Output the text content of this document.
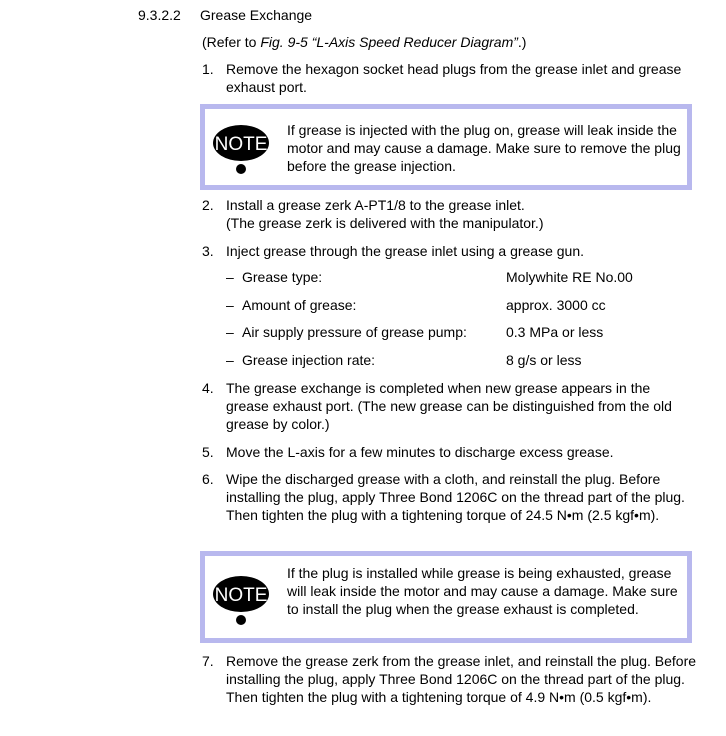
9.3.2.2 Grease Exchange
(Refer to Fig. 9-5 “L-Axis Speed Reducer Diagram”.)
1. Remove the hexagon socket head plugs from the grease inlet and grease exhaust port.
NOTE
If grease is injected with the plug on, grease will leak inside the motor and may cause a damage. Make sure to remove the plug before the grease injection.
2. Install a grease zerk A-PT1/8 to the grease inlet.
(The grease zerk is delivered with the manipulator.)
3. Inject grease through the grease inlet using a grease gun.
– Grease type:	Molywhite RE No.00
– Amount of grease:	approx. 3000 cc
– Air supply pressure of grease pump:	0.3 MPa or less
– Grease injection rate:	8 g/s or less
4. The grease exchange is completed when new grease appears in the grease exhaust port. (The new grease can be distinguished from the old grease by color.)
5. Move the L-axis for a few minutes to discharge excess grease.
6. Wipe the discharged grease with a cloth, and reinstall the plug. Before installing the plug, apply Three Bond 1206C on the thread part of the plug. Then tighten the plug with a tightening torque of 24.5 N•m (2.5 kgf•m).
NOTE
If the plug is installed while grease is being exhausted, grease will leak inside the motor and may cause a damage. Make sure to install the plug when the grease exhaust is completed.
7. Remove the grease zerk from the grease inlet, and reinstall the plug. Before installing the plug, apply Three Bond 1206C on the thread part of the plug. Then tighten the plug with a tightening torque of 4.9 N•m (0.5 kgf•m).
